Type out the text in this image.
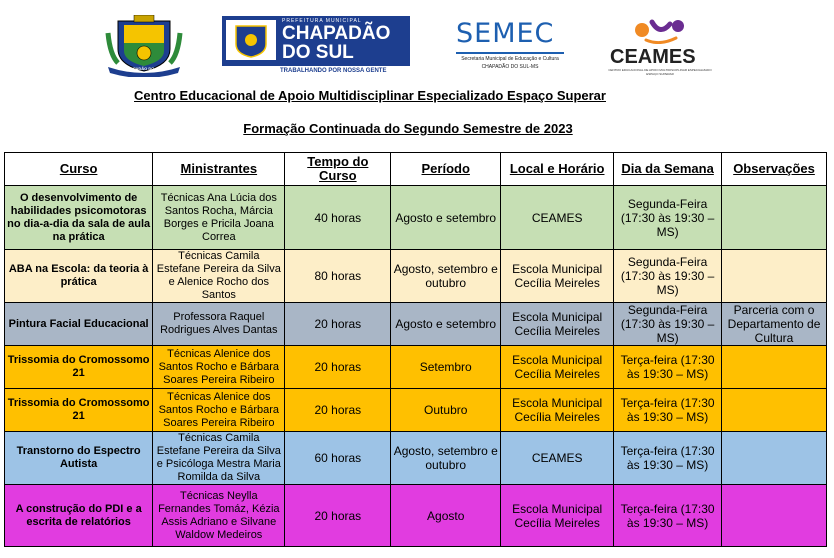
CHAPADÃO DO SUL
PREFEITURA MUNICIPAL
CHAPADÃO
DO SUL
TRABALHANDO POR NOSSA GENTE
SEMEC
Secretaria Municipal de Educação e Cultura
CHAPADÃO DO SUL-MS	CEAMES
CENTRO EDUCACIONAL DE APOIO MULTIDISCIPLINAR ESPECIALIZADO ESPAÇO SUPERAR
Centro Educacional de Apoio Multidisciplinar Especializado Espaço Superar
Formação Continuada do Segundo Semestre de 2023
Curso	Ministrantes	Tempo do Curso	Período	Local e Horário	Dia da Semana	Observações
O desenvolvimento de habilidades psicomotoras no dia-a-dia da sala de aula na prática	Técnicas Ana Lúcia dos Santos Rocha, Márcia Borges e Pricila Joana Correa	40 horas	Agosto e setembro	CEAMES	Segunda-Feira (17:30 às 19:30 – MS)	
ABA na Escola: da teoria à prática	Técnicas Camila Estefane Pereira da Silva e Alenice Rocho dos Santos	80 horas	Agosto, setembro e outubro	Escola Municipal Cecília Meireles	Segunda-Feira (17:30 às 19:30 – MS)	
Pintura Facial Educacional	Professora Raquel Rodrigues Alves Dantas	20 horas	Agosto e setembro	Escola Municipal Cecília Meireles	Segunda-Feira (17:30 às 19:30 – MS)	Parceria com o Departamento de Cultura
Trissomia do Cromossomo 21	Técnicas Alenice dos Santos Rocho e Bárbara Soares Pereira Ribeiro	20 horas	Setembro	Escola Municipal Cecília Meireles	Terça-feira (17:30 às 19:30 – MS)	
Trissomia do Cromossomo 21	Técnicas Alenice dos Santos Rocho e Bárbara Soares Pereira Ribeiro	20 horas	Outubro	Escola Municipal Cecília Meireles	Terça-feira (17:30 às 19:30 – MS)	
Transtorno do Espectro Autista	Técnicas Camila Estefane Pereira da Silva e Psicóloga Mestra Maria Romilda da Silva	60 horas	Agosto, setembro e outubro	CEAMES	Terça-feira (17:30 às 19:30 – MS)	
A construção do PDI e a escrita de relatórios	Técnicas Neylla Fernandes Tomáz, Kézia Assis Adriano e Silvane Waldow Medeiros	20 horas	Agosto	Escola Municipal Cecília Meireles	Terça-feira (17:30 às 19:30 – MS)	
